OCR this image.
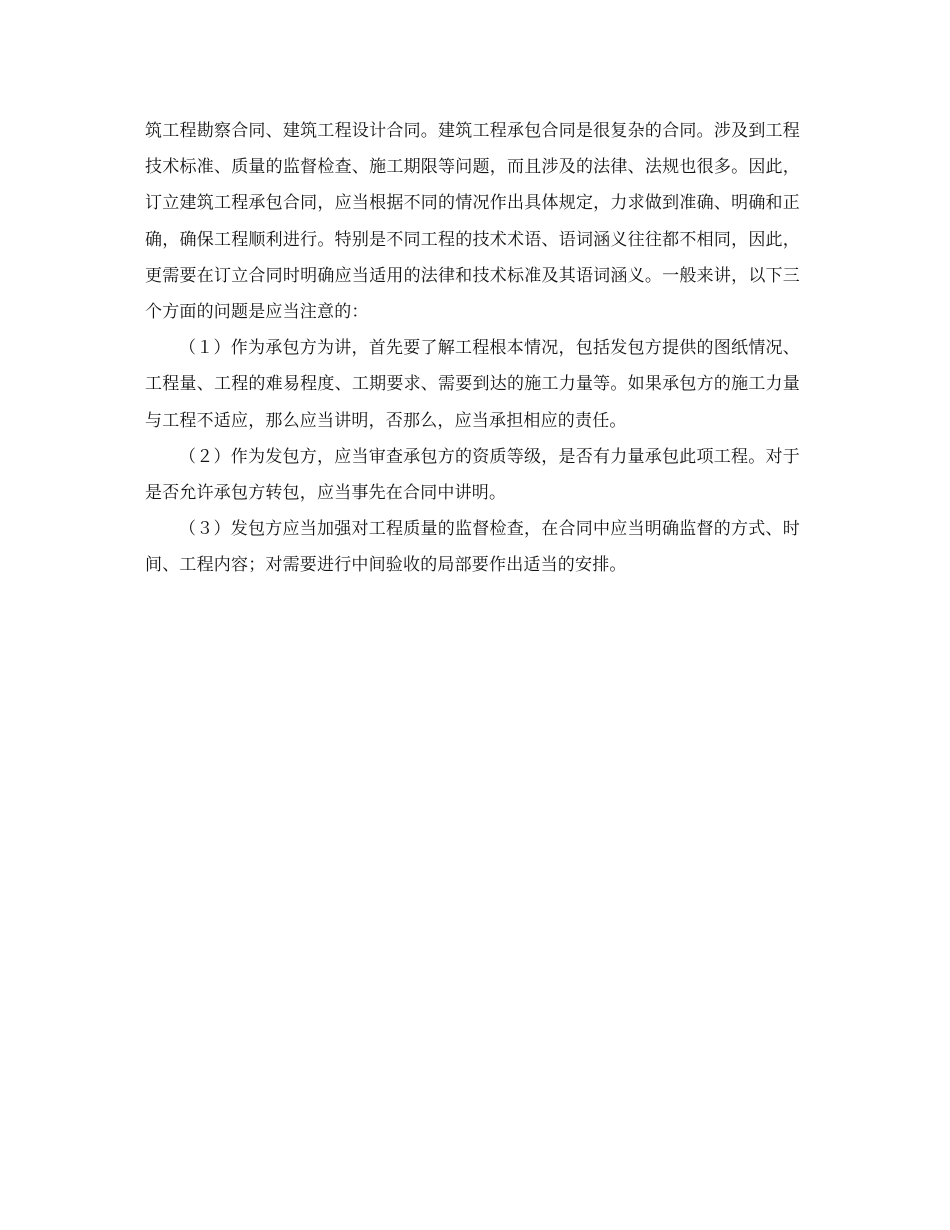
筑工程勘察合同、建筑工程设计合同。建筑工程承包合同是很复杂的合同。涉及到工程技术标准、质量的监督检查、施工期限等问题，而且涉及的法律、法规也很多。因此，订立建筑工程承包合同，应当根据不同的情况作出具体规定，力求做到准确、明确和正确，确保工程顺利进行。特别是不同工程的技术术语、语词涵义往往都不相同，因此，更需要在订立合同时明确应当适用的法律和技术标准及其语词涵义。一般来讲，以下三个方面的问题是应当注意的：

（１）作为承包方为讲，首先要了解工程根本情况，包括发包方提供的图纸情况、工程量、工程的难易程度、工期要求、需要到达的施工力量等。如果承包方的施工力量与工程不适应，那么应当讲明，否那么，应当承担相应的责任。

（２）作为发包方，应当审查承包方的资质等级，是否有力量承包此项工程。对于是否允许承包方转包，应当事先在合同中讲明。

（３）发包方应当加强对工程质量的监督检查，在合同中应当明确监督的方式、时间、工程内容；对需要进行中间验收的局部要作出适当的安排。
